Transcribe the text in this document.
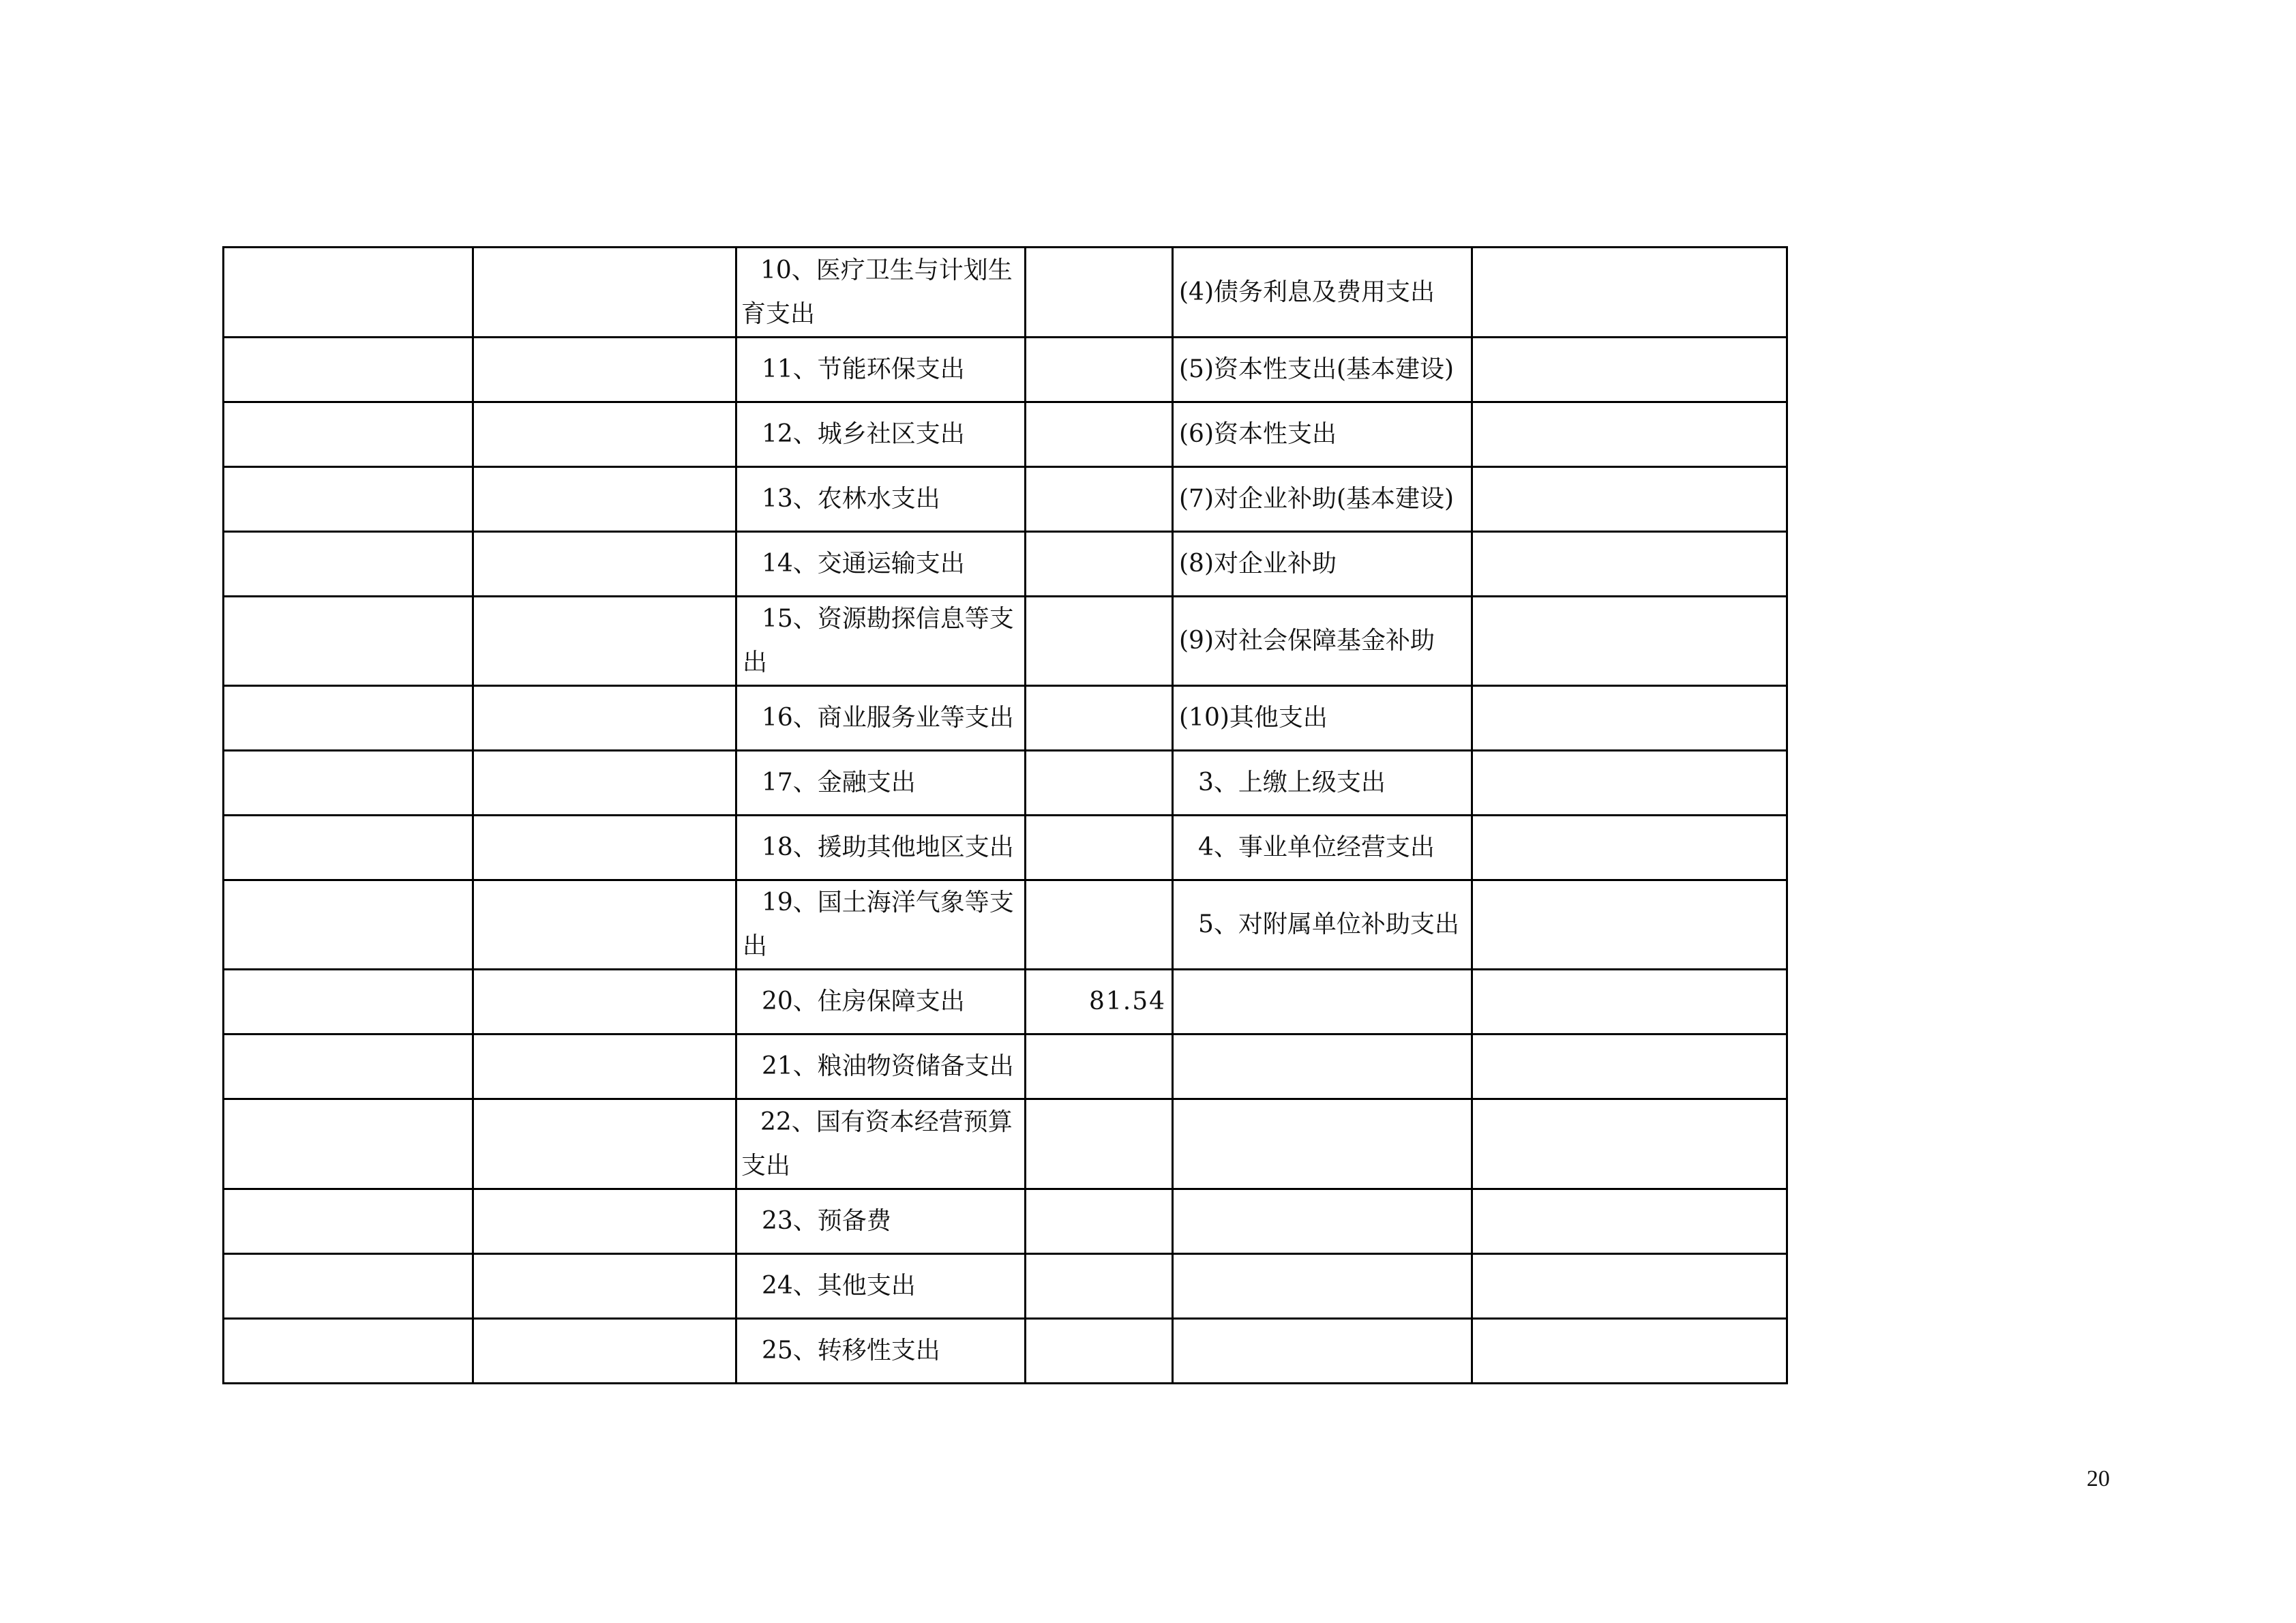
		10、医疗卫生与计划生育支出		(4)债务利息及费用支出	
		11、节能环保支出		(5)资本性支出(基本建设)	
		12、城乡社区支出		(6)资本性支出	
		13、农林水支出		(7)对企业补助(基本建设)	
		14、交通运输支出		(8)对企业补助	
		15、资源勘探信息等支出		(9)对社会保障基金补助	
		16、商业服务业等支出		(10)其他支出	
		17、金融支出		3、上缴上级支出	
		18、援助其他地区支出		4、事业单位经营支出	
		19、国土海洋气象等支出		5、对附属单位补助支出	
		20、住房保障支出	81.54		
		21、粮油物资储备支出			
		22、国有资本经营预算支出			
		23、预备费			
		24、其他支出			
		25、转移性支出			
20
